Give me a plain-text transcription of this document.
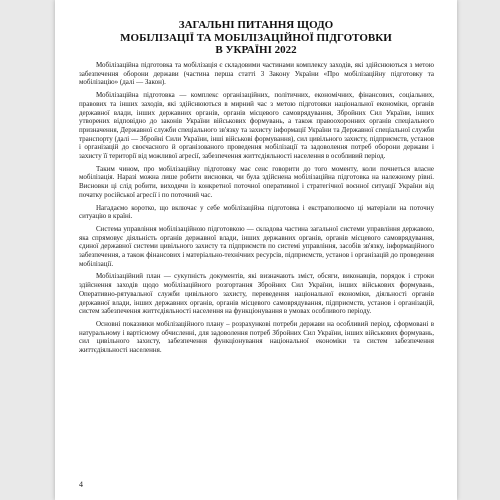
ЗАГАЛЬНІ ПИТАННЯ ЩОДО
МОБІЛІЗАЦІЇ ТА МОБІЛІЗАЦІЙНОЇ ПІДГОТОВКИ
В УКРАЇНІ 2022

Мобілізаційна підготовка та мобілізація є складовими частинами комплексу заходів, які здійснюються з метою забезпечення оборони держави (частина перша статті 3 Закону України «Про мобілізаційну підготовку та мобілізацію» (далі — Закон).

Мобілізаційна підготовка — комплекс організаційних, політичних, економічних, фінансових, соціальних, правових та інших заходів, які здійснюються в мирний час з метою підготовки національної економіки, органів державної влади, інших державних органів, органів місцевого самоврядування, Збройних Сил України, інших утворених відповідно до законів України військових формувань, а також правоохоронних органів спеціального призначення, Державної служби спеціального зв'язку та захисту інформації України та Державної спеціальної служби транспорту (далі — Збройні Сили України, інші військові формування), сил цивільного захисту, підприємств, установ і організацій до своєчасного й організованого проведення мобілізації та задоволення потреб оборони держави і захисту її території від можливої агресії, забезпечення життєдіяльності населення в особливий період.

Таким чином, про мобілізаційну підготовку має сенс говорити до того моменту, коли почнеться власне мобілізація. Наразі можна лише робити висновки, чи була здійснена мобілізаційна підготовка на належному рівні. Висновки ці слід робити, виходячи із конкретної поточної оперативної і стратегічної воєнної ситуації України від початку російської агресії і по поточний час.

Нагадаємо коротко, що включає у себе мобілізаційна підготовка і екстраполюємо ці матеріали на поточну ситуацію в країні.

Система управління мобілізаційною підготовкою — складова частина загальної системи управління державою, яка спрямовує діяльність органів державної влади, інших державних органів, органів місцевого самоврядування, єдиної державної системи цивільного захисту та підприємств по системі управління, засобів зв'язку, інформаційного забезпечення, а також фінансових і матеріально-технічних ресурсів, підприємств, установ і організацій до проведення мобілізації.

Мобілізаційний план — сукупність документів, які визначають зміст, обсяги, виконавців, порядок і строки здійснення заходів щодо мобілізаційного розгортання Збройних Сил України, інших військових формувань, Оперативно-рятувальної служби цивільного захисту, переведення національної економіки, діяльності органів державної влади, інших державних органів, органів місцевого самоврядування, підприємств, установ і організацій, систем забезпечення життєдіяльності населення на функціонування в умовах особливого періоду.

Основні показники мобілізаційного плану – розрахункові потреби держави на особливий період, сформовані в натуральному і вартісному обчисленні, для задоволення потреб Збройних Сил України, інших військових формувань, сил цивільного захисту, забезпечення функціонування національної економіки та систем забезпечення життєдіяльності населення.

4
